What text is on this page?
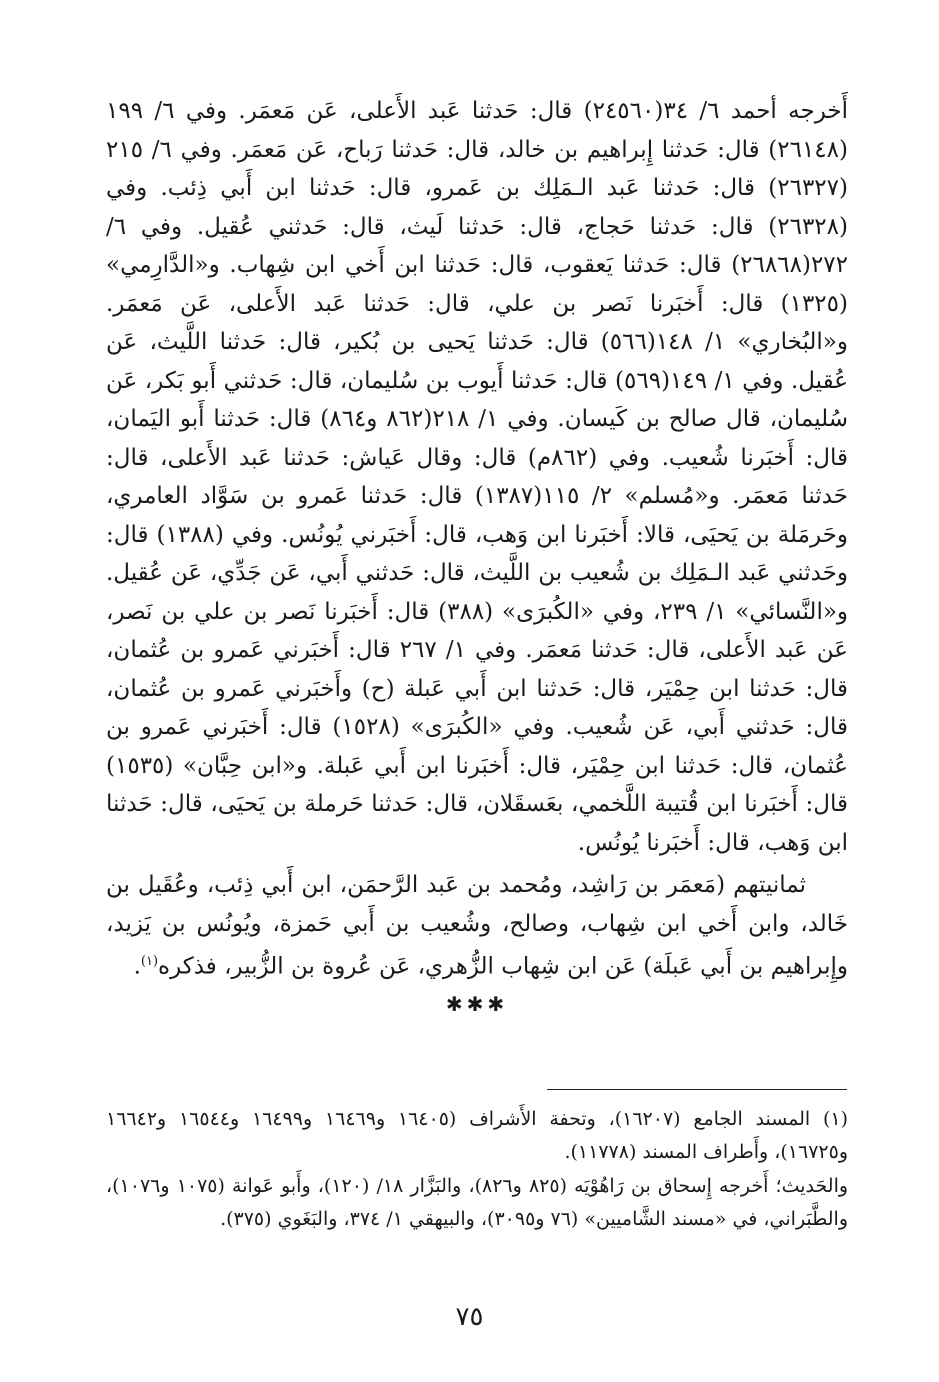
أَخرجه أحمد ٦/ ٣٤(٢٤٥٦٠) قال: حَدثنا عَبد الأَعلى، عَن مَعمَر. وفي ٦/ ١٩٩ (٢٦١٤٨) قال: حَدثنا إِبراهيم بن خالد، قال: حَدثنا رَباح، عَن مَعمَر. وفي ٦/ ٢١٥ (٢٦٣٢٧) قال: حَدثنا عَبد الـمَلِك بن عَمرو، قال: حَدثنا ابن أَبي ذِئب. وفي (٢٦٣٢٨) قال: حَدثنا حَجاج، قال: حَدثنا لَيث، قال: حَدثني عُقيل. وفي ٦/ ٢٧٢(٢٦٨٦٨) قال: حَدثنا يَعقوب، قال: حَدثنا ابن أَخي ابن شِهاب. و«الدَّارِمي» (١٣٢٥) قال: أَخبَرنا نَصر بن علي، قال: حَدثنا عَبد الأَعلى، عَن مَعمَر. و«البُخاري» ١/ ١٤٨(٥٦٦) قال: حَدثنا يَحيى بن بُكير، قال: حَدثنا اللَّيث، عَن عُقيل. وفي ١/ ١٤٩(٥٦٩) قال: حَدثنا أَيوب بن سُليمان، قال: حَدثني أَبو بَكر، عَن سُليمان، قال صالح بن كَيسان. وفي ١/ ٢١٨(٨٦٢ و٨٦٤) قال: حَدثنا أَبو اليَمان، قال: أَخبَرنا شُعيب. وفي (٨٦٢م) قال: وقال عَياش: حَدثنا عَبد الأَعلى، قال: حَدثنا مَعمَر. و«مُسلم» ٢/ ١١٥(١٣٨٧) قال: حَدثنا عَمرو بن سَوَّاد العامري، وحَرمَلة بن يَحيَى، قالا: أَخبَرنا ابن وَهب، قال: أَخبَرني يُونُس. وفي (١٣٨٨) قال: وحَدثني عَبد الـمَلِك بن شُعيب بن اللَّيث، قال: حَدثني أَبي، عَن جَدِّي، عَن عُقيل. و«النَّسائي» ١/ ٢٣٩، وفي «الكُبرَى» (٣٨٨) قال: أَخبَرنا نَصر بن علي بن نَصر، عَن عَبد الأَعلى، قال: حَدثنا مَعمَر. وفي ١/ ٢٦٧ قال: أَخبَرني عَمرو بن عُثمان، قال: حَدثنا ابن حِمْيَر، قال: حَدثنا ابن أَبي عَبلة (ح) وأَخبَرني عَمرو بن عُثمان، قال: حَدثني أَبي، عَن شُعيب. وفي «الكُبرَى» (١٥٢٨) قال: أَخبَرني عَمرو بن عُثمان، قال: حَدثنا ابن حِمْيَر، قال: أَخبَرنا ابن أَبي عَبلة. و«ابن حِبَّان» (١٥٣٥) قال: أَخبَرنا ابن قُتيبة اللَّخمي، بعَسقَلان، قال: حَدثنا حَرملة بن يَحيَى، قال: حَدثنا ابن وَهب، قال: أَخبَرنا يُونُس.

ثمانيتهم (مَعمَر بن رَاشِد، ومُحمد بن عَبد الرَّحمَن، ابن أَبي ذِئب، وعُقَيل بن خَالد، وابن أَخي ابن شِهاب، وصالح، وشُعيب بن أَبي حَمزة، ويُونُس بن يَزيد، وإِبراهيم بن أَبي عَبلَة) عَن ابن شِهاب الزُّهري، عَن عُروة بن الزُّبير، فذكره$^{(١)}$.

✱✱✱

(١) المسند الجامع (١٦٢٠٧)، وتحفة الأَشراف (١٦٤٠٥ و١٦٤٦٩ و١٦٤٩٩ و١٦٥٤٤ و١٦٦٤٢ و١٦٧٢٥)، وأَطراف المسند (١١٧٧٨).

والحَديث؛ أَخرجه إِسحاق بن رَاهُوْيَه (٨٢٥ و٨٢٦)، والبَزَّار ١٨/ (١٢٠)، وأَبو عَوانة (١٠٧٥ و١٠٧٦)، والطَّبَراني، في «مسند الشَّاميين» (٧٦ و٣٠٩٥)، والبيهقي ١/ ٣٧٤، والبَغَوي (٣٧٥).

٧٥
